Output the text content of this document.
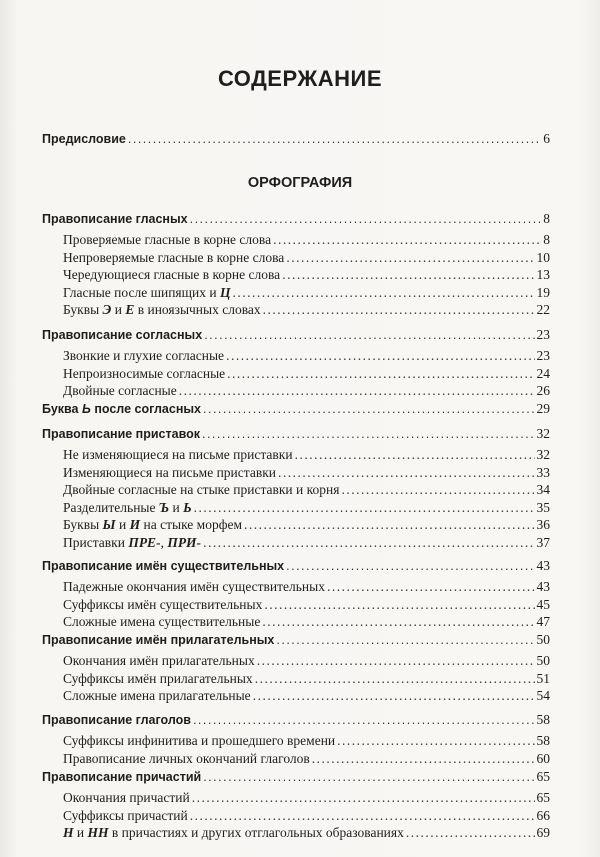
СОДЕРЖАНИЕ
Предисловие .....	6
ОРФОГРАФИЯ
Правописание гласных .....	8
Проверяемые гласные в корне слова .....	8
Непроверяемые гласные в корне слова .....	10
Чередующиеся гласные в корне слова .....	13
Гласные после шипящих и Ц .....	19
Буквы Э и Е в иноязычных словах .....	22
Правописание согласных .....	23
Звонкие и глухие согласные .....	23
Непроизносимые согласные .....	24
Двойные согласные .....	26
Буква Ь после согласных .....	29
Правописание приставок .....	32
Не изменяющиеся на письме приставки .....	32
Изменяющиеся на письме приставки .....	33
Двойные согласные на стыке приставки и корня .....	34
Разделительные Ъ и Ь .....	35
Буквы Ы и И на стыке морфем .....	36
Приставки ПРЕ-, ПРИ- .....	37
Правописание имён существительных .....	43
Падежные окончания имён существительных .....	43
Суффиксы имён существительных .....	45
Сложные имена существительные .....	47
Правописание имён прилагательных .....	50
Окончания имён прилагательных .....	50
Суффиксы имён прилагательных .....	51
Сложные имена прилагательные .....	54
Правописание глаголов .....	58
Суффиксы инфинитива и прошедшего времени .....	58
Правописание личных окончаний глаголов .....	60
Правописание причастий .....	65
Окончания причастий .....	65
Суффиксы причастий .....	66
Н и НН в причастиях и других отглагольных образованиях .....	69
